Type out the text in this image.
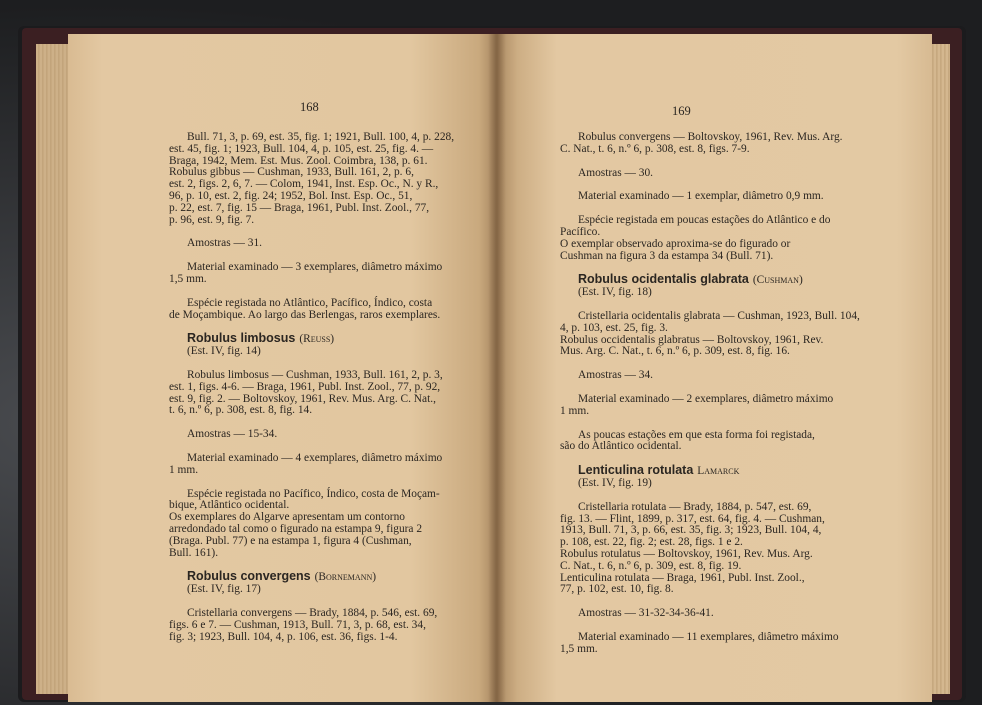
168
Bull. 71, 3, p. 69, est. 35, fig. 1; 1921, Bull. 100, 4, p. 228,
est. 45, fig. 1; 1923, Bull. 104, 4, p. 105, est. 25, fig. 4. —
Braga, 1942, Mem. Est. Mus. Zool. Coimbra, 138, p. 61.
Robulus gibbus — Cushman, 1933, Bull. 161, 2, p. 6,
est. 2, figs. 2, 6, 7. — Colom, 1941, Inst. Esp. Oc., N. y R.,
96, p. 10, est. 2, fig. 24; 1952, Bol. Inst. Esp. Oc., 51,
p. 22, est. 7, fig. 15 — Braga, 1961, Publ. Inst. Zool., 77,
p. 96, est. 9, fig. 7.
Amostras — 31.
Material examinado — 3 exemplares, diâmetro máximo
1,5 mm.
Espécie registada no Atlântico, Pacífico, Índico, costa
de Moçambique. Ao largo das Berlengas, raros exemplares.
Robulus limbosus (Reuss)
(Est. IV, fig. 14)
Robulus limbosus — Cushman, 1933, Bull. 161, 2, p. 3,
est. 1, figs. 4-6. — Braga, 1961, Publ. Inst. Zool., 77, p. 92,
est. 9, fig. 2. — Boltovskoy, 1961, Rev. Mus. Arg. C. Nat.,
t. 6, n.º 6, p. 308, est. 8, fig. 14.
Amostras — 15-34.
Material examinado — 4 exemplares, diâmetro máximo
1 mm.
Espécie registada no Pacífico, Índico, costa de Moçam-
bique, Atlântico ocidental.
Os exemplares do Algarve apresentam um contorno
arredondado tal como o figurado na estampa 9, figura 2
(Braga. Publ. 77) e na estampa 1, figura 4 (Cushman,
Bull. 161).
Robulus convergens (Bornemann)
(Est. IV, fig. 17)
Cristellaria convergens — Brady, 1884, p. 546, est. 69,
figs. 6 e 7. — Cushman, 1913, Bull. 71, 3, p. 68, est. 34,
fig. 3; 1923, Bull. 104, 4, p. 106, est. 36, figs. 1-4.
169
Robulus convergens — Boltovskoy, 1961, Rev. Mus. Arg.
C. Nat., t. 6, n.º 6, p. 308, est. 8, figs. 7-9.
Amostras — 30.
Material examinado — 1 exemplar, diâmetro 0,9 mm.
Espécie registada em poucas estações do Atlântico e do
Pacífico.
O exemplar observado aproxima-se do figurado or
Cushman na figura 3 da estampa 34 (Bull. 71).
Robulus ocidentalis glabrata (Cushman)
(Est. IV, fig. 18)
Cristellaria ocidentalis glabrata — Cushman, 1923, Bull. 104,
4, p. 103, est. 25, fig. 3.
Robulus occidentalis glabratus — Boltovskoy, 1961, Rev.
Mus. Arg. C. Nat., t. 6, n.º 6, p. 309, est. 8, fig. 16.
Amostras — 34.
Material examinado — 2 exemplares, diâmetro máximo
1 mm.
As poucas estações em que esta forma foi registada,
são do Atlântico ocidental.
Lenticulina rotulata Lamarck
(Est. IV, fig. 19)
Cristellaria rotulata — Brady, 1884, p. 547, est. 69,
fig. 13. — Flint, 1899, p. 317, est. 64, fig. 4. — Cushman,
1913, Bull. 71, 3, p. 66, est. 35, fig. 3; 1923, Bull. 104, 4,
p. 108, est. 22, fig. 2; est. 28, figs. 1 e 2.
Robulus rotulatus — Boltovskoy, 1961, Rev. Mus. Arg.
C. Nat., t. 6, n.º 6, p. 309, est. 8, fig. 19.
Lenticulina rotulata — Braga, 1961, Publ. Inst. Zool.,
77, p. 102, est. 10, fig. 8.
Amostras — 31-32-34-36-41.
Material examinado — 11 exemplares, diâmetro máximo
1,5 mm.
